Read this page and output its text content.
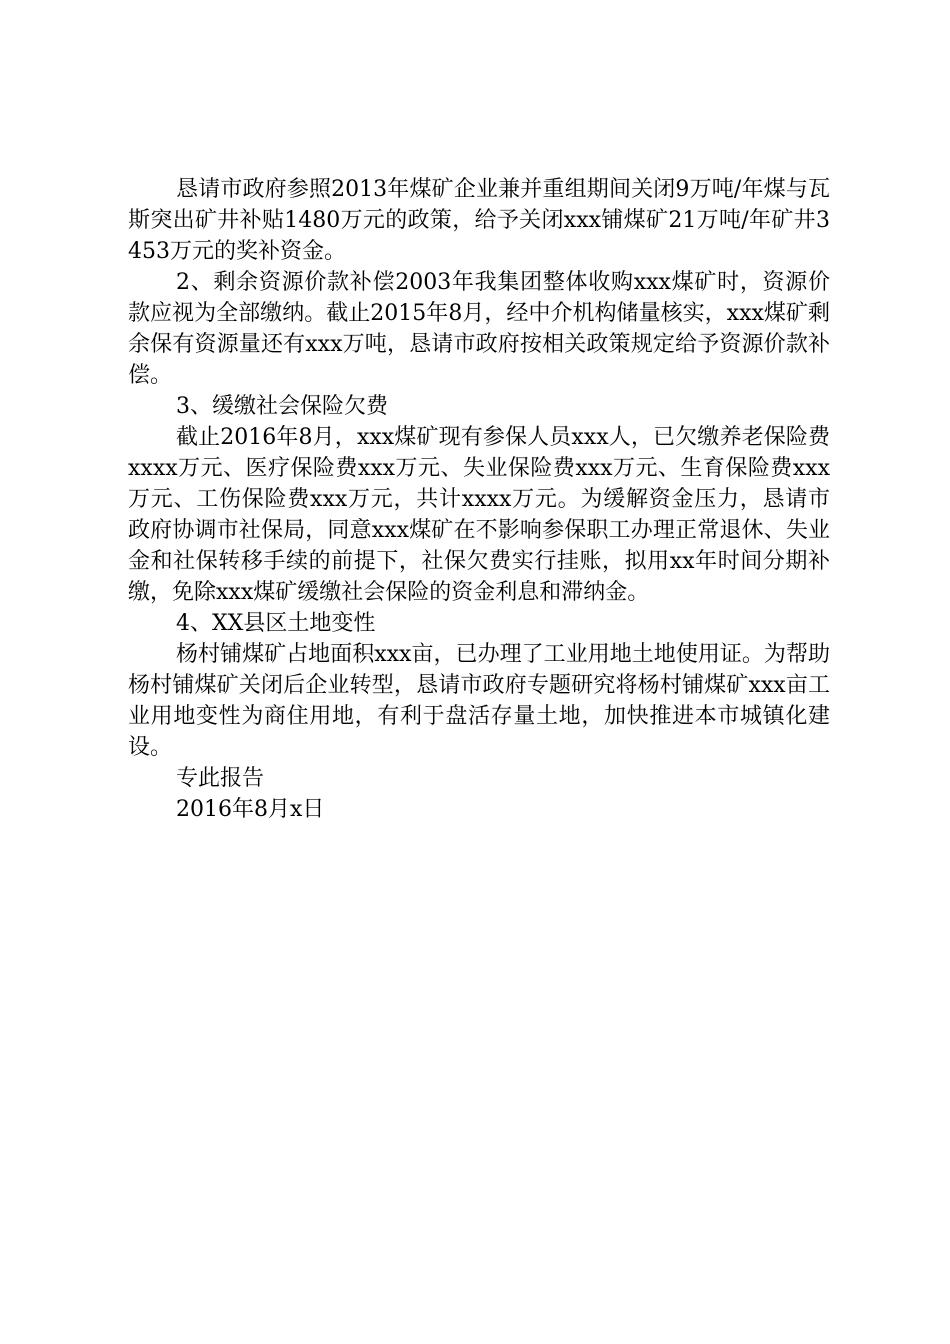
恳请市政府参照2013年煤矿企业兼并重组期间关闭9万吨/年煤与瓦斯突出矿井补贴1480万元的政策，给予关闭xxx铺煤矿21万吨/年矿井3453万元的奖补资金。

2、剩余资源价款补偿2003年我集团整体收购xxx煤矿时，资源价款应视为全部缴纳。截止2015年8月，经中介机构储量核实，xxx煤矿剩余保有资源量还有xxx万吨，恳请市政府按相关政策规定给予资源价款补偿。

3、缓缴社会保险欠费

截止2016年8月，xxx煤矿现有参保人员xxx人，已欠缴养老保险费xxxx万元、医疗保险费xxx万元、失业保险费xxx万元、生育保险费xxx万元、工伤保险费xxx万元，共计xxxx万元。为缓解资金压力，恳请市政府协调市社保局，同意xxx煤矿在不影响参保职工办理正常退休、失业金和社保转移手续的前提下，社保欠费实行挂账，拟用xx年时间分期补缴，免除xxx煤矿缓缴社会保险的资金利息和滞纳金。

4、XX县区土地变性

杨村铺煤矿占地面积xxx亩，已办理了工业用地土地使用证。为帮助杨村铺煤矿关闭后企业转型，恳请市政府专题研究将杨村铺煤矿xxx亩工业用地变性为商住用地，有利于盘活存量土地，加快推进本市城镇化建设。

专此报告

2016年8月x日
